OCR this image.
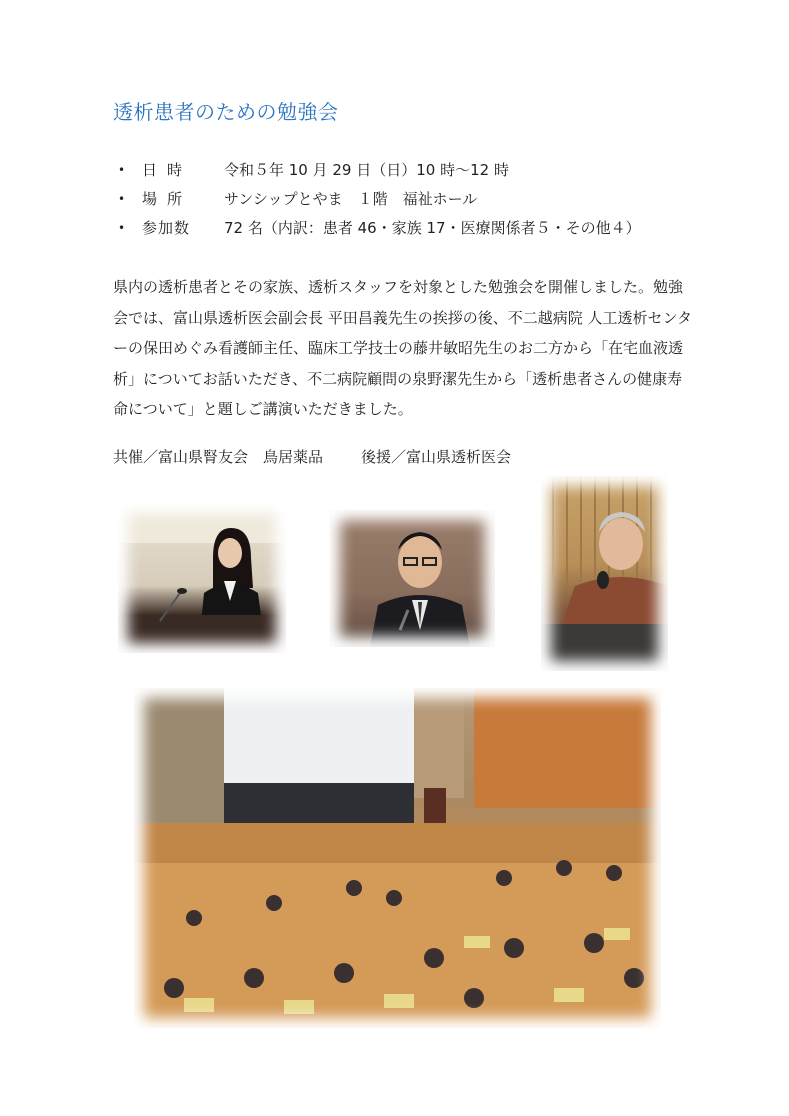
透析患者のための勉強会
•	日時	令和５年 10 月 29 日（日）10 時〜12 時
•	場所	サンシップとやま　１階　福祉ホール
•	参加数	72 名（内訳：患者 46・家族 17・医療関係者５・その他４）

県内の透析患者とその家族、透析スタッフを対象とした勉強会を開催しました。勉強会では、富山県透析医会副会長 平田昌義先生の挨拶の後、不二越病院 人工透析センターの保田めぐみ看護師主任、臨床工学技士の藤井敏昭先生のお二方から「在宅血液透析」についてお話いただき、不二病院顧問の泉野潔先生から「透析患者さんの健康寿命について」と題しご講演いただきました。

共催／富山県腎友会　鳥居薬品	後援／富山県透析医会
